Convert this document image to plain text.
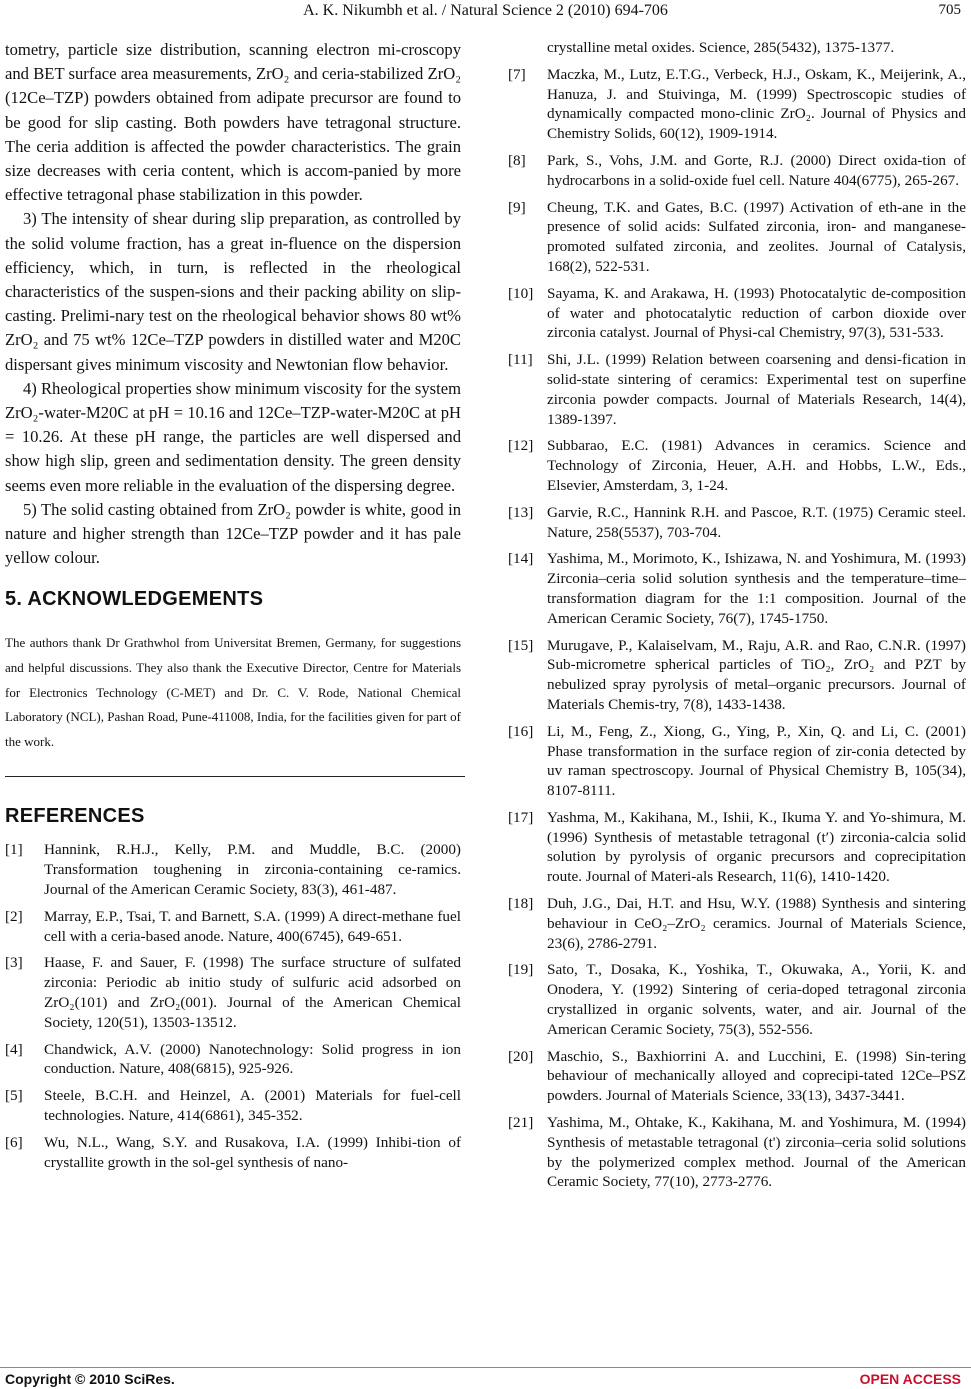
A. K. Nikumbh et al. / Natural Science 2 (2010) 694-706	705

tometry, particle size distribution, scanning electron mi-croscopy and BET surface area measurements, ZrO₂ and ceria-stabilized ZrO₂ (12Ce–TZP) powders obtained from adipate precursor are found to be good for slip casting. Both powders have tetragonal structure. The ceria addition is affected the powder characteristics. The grain size decreases with ceria content, which is accom-panied by more effective tetragonal phase stabilization in this powder.

3) The intensity of shear during slip preparation, as controlled by the solid volume fraction, has a great in-fluence on the dispersion efficiency, which, in turn, is reflected in the rheological characteristics of the suspen-sions and their packing ability on slip-casting. Prelimi-nary test on the rheological behavior shows 80 wt% ZrO₂ and 75 wt% 12Ce–TZP powders in distilled water and M20C dispersant gives minimum viscosity and Newtonian flow behavior.

4) Rheological properties show minimum viscosity for the system ZrO₂-water-M20C at pH = 10.16 and 12Ce–TZP-water-M20C at pH = 10.26. At these pH range, the particles are well dispersed and show high slip, green and sedimentation density. The green density seems even more reliable in the evaluation of the dispersing degree.

5) The solid casting obtained from ZrO₂ powder is white, good in nature and higher strength than 12Ce–TZP powder and it has pale yellow colour.

5. ACKNOWLEDGEMENTS

The authors thank Dr Grathwhol from Universitat Bremen, Germany, for suggestions and helpful discussions. They also thank the Executive Director, Centre for Materials for Electronics Technology (C-MET) and Dr. C. V. Rode, National Chemical Laboratory (NCL), Pashan Road, Pune-411008, India, for the facilities given for part of the work.

REFERENCES
[1]	Hannink, R.H.J., Kelly, P.M. and Muddle, B.C. (2000) Transformation toughening in zirconia-containing ce-ramics. Journal of the American Ceramic Society, 83(3), 461-487.
[2]	Marray, E.P., Tsai, T. and Barnett, S.A. (1999) A direct-methane fuel cell with a ceria-based anode. Nature, 400(6745), 649-651.
[3]	Haase, F. and Sauer, F. (1998) The surface structure of sulfated zirconia: Periodic ab initio study of sulfuric acid adsorbed on ZrO₂(101) and ZrO₂(001). Journal of the American Chemical Society, 120(51), 13503-13512.
[4]	Chandwick, A.V. (2000) Nanotechnology: Solid progress in ion conduction. Nature, 408(6815), 925-926.
[5]	Steele, B.C.H. and Heinzel, A. (2001) Materials for fuel-cell technologies. Nature, 414(6861), 345-352.
[6]	Wu, N.L., Wang, S.Y. and Rusakova, I.A. (1999) Inhibi-tion of crystallite growth in the sol-gel synthesis of nano-
crystalline metal oxides. Science, 285(5432), 1375-1377.
[7]	Maczka, M., Lutz, E.T.G., Verbeck, H.J., Oskam, K., Meijerink, A., Hanuza, J. and Stuivinga, M. (1999) Spectroscopic studies of dynamically compacted mono-clinic ZrO₂. Journal of Physics and Chemistry Solids, 60(12), 1909-1914.
[8]	Park, S., Vohs, J.M. and Gorte, R.J. (2000) Direct oxida-tion of hydrocarbons in a solid-oxide fuel cell. Nature 404(6775), 265-267.
[9]	Cheung, T.K. and Gates, B.C. (1997) Activation of eth-ane in the presence of solid acids: Sulfated zirconia, iron- and manganese-promoted sulfated zirconia, and zeolites. Journal of Catalysis, 168(2), 522-531.
[10] Sayama, K. and Arakawa, H. (1993) Photocatalytic de-composition of water and photocatalytic reduction of carbon dioxide over zirconia catalyst. Journal of Physi-cal Chemistry, 97(3), 531-533.
[11] Shi, J.L. (1999) Relation between coarsening and densi-fication in solid-state sintering of ceramics: Experimental test on superfine zirconia powder compacts. Journal of Materials Research, 14(4), 1389-1397.
[12] Subbarao, E.C. (1981) Advances in ceramics. Science and Technology of Zirconia, Heuer, A.H. and Hobbs, L.W., Eds., Elsevier, Amsterdam, 3, 1-24.
[13] Garvie, R.C., Hannink R.H. and Pascoe, R.T. (1975) Ceramic steel. Nature, 258(5537), 703-704.
[14] Yashima, M., Morimoto, K., Ishizawa, N. and Yoshimura, M. (1993) Zirconia–ceria solid solution synthesis and the temperature–time–transformation diagram for the 1:1 composition. Journal of the American Ceramic Society, 76(7), 1745-1750.
[15] Murugave, P., Kalaiselvam, M., Raju, A.R. and Rao, C.N.R. (1997) Sub-micrometre spherical particles of TiO₂, ZrO₂ and PZT by nebulized spray pyrolysis of metal–organic precursors. Journal of Materials Chemis-try, 7(8), 1433-1438.
[16] Li, M., Feng, Z., Xiong, G., Ying, P., Xin, Q. and Li, C. (2001) Phase transformation in the surface region of zir-conia detected by uv raman spectroscopy. Journal of Physical Chemistry B, 105(34), 8107-8111.
[17] Yashma, M., Kakihana, M., Ishii, K., Ikuma Y. and Yo-shimura, M. (1996) Synthesis of metastable tetragonal (t′) zirconia-calcia solid solution by pyrolysis of organic precursors and coprecipitation route. Journal of Materi-als Research, 11(6), 1410-1420.
[18] Duh, J.G., Dai, H.T. and Hsu, W.Y. (1988) Synthesis and sintering behaviour in CeO₂–ZrO₂ ceramics. Journal of Materials Science, 23(6), 2786-2791.
[19] Sato, T., Dosaka, K., Yoshika, T., Okuwaka, A., Yorii, K. and Onodera, Y. (1992) Sintering of ceria-doped tetragonal zirconia crystallized in organic solvents, water, and air. Journal of the American Ceramic Society, 75(3), 552-556.
[20] Maschio, S., Baxhiorrini A. and Lucchini, E. (1998) Sin-tering behaviour of mechanically alloyed and coprecipi-tated 12Ce–PSZ powders. Journal of Materials Science, 33(13), 3437-3441.
[21] Yashima, M., Ohtake, K., Kakihana, M. and Yoshimura, M. (1994) Synthesis of metastable tetragonal (t') zirconia–ceria solid solutions by the polymerized complex method. Journal of the American Ceramic Society, 77(10), 2773-2776.
Copyright © 2010 SciRes.	OPEN ACCESS
